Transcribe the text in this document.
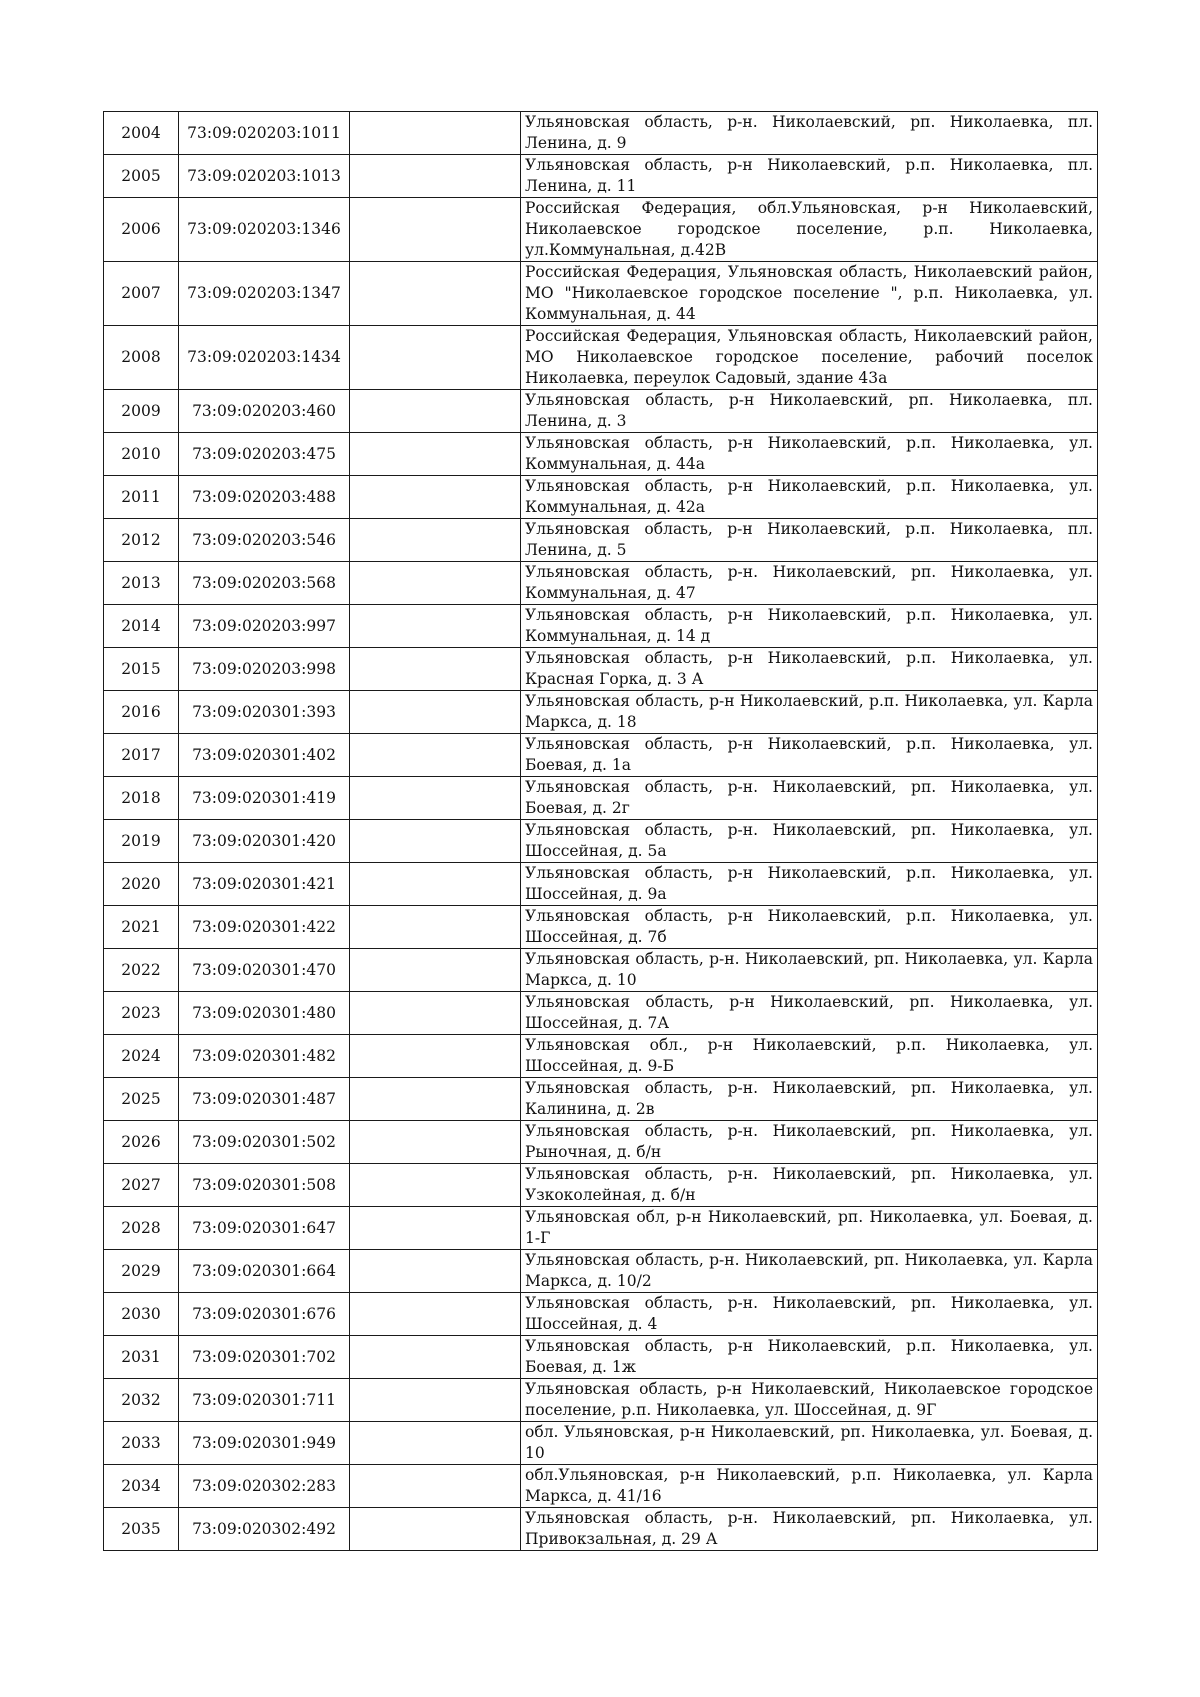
2004	73:09:020203:1011		Ульяновская область, р-н. Николаевский, рп. Николаевка, пл. Ленина, д. 9
2005	73:09:020203:1013		Ульяновская область, р-н Николаевский, р.п. Николаевка, пл. Ленина, д. 11
2006	73:09:020203:1346		Российская Федерация, обл.Ульяновская, р-н Николаевский, Николаевское городское поселение, р.п. Николаевка, ул.Коммунальная, д.42В
2007	73:09:020203:1347		Российская Федерация, Ульяновская область, Николаевский район, МО "Николаевское городское поселение ", р.п. Николаевка, ул. Коммунальная, д. 44
2008	73:09:020203:1434		Российская Федерация, Ульяновская область, Николаевский район, МО Николаевское городское поселение, рабочий поселок Николаевка, переулок Садовый, здание 43а
2009	73:09:020203:460		Ульяновская область, р-н Николаевский, рп. Николаевка, пл. Ленина, д. 3
2010	73:09:020203:475		Ульяновская область, р-н Николаевский, р.п. Николаевка, ул. Коммунальная, д. 44а
2011	73:09:020203:488		Ульяновская область, р-н Николаевский, р.п. Николаевка, ул. Коммунальная, д. 42а
2012	73:09:020203:546		Ульяновская область, р-н Николаевский, р.п. Николаевка, пл. Ленина, д. 5
2013	73:09:020203:568		Ульяновская область, р-н. Николаевский, рп. Николаевка, ул. Коммунальная, д. 47
2014	73:09:020203:997		Ульяновская область, р-н Николаевский, р.п. Николаевка, ул. Коммунальная, д. 14 д
2015	73:09:020203:998		Ульяновская область, р-н Николаевский, р.п. Николаевка, ул. Красная Горка, д. 3 А
2016	73:09:020301:393		Ульяновская область, р-н Николаевский, р.п. Николаевка, ул. Карла Маркса, д. 18
2017	73:09:020301:402		Ульяновская область, р-н Николаевский, р.п. Николаевка, ул. Боевая, д. 1а
2018	73:09:020301:419		Ульяновская область, р-н. Николаевский, рп. Николаевка, ул. Боевая, д. 2г
2019	73:09:020301:420		Ульяновская область, р-н. Николаевский, рп. Николаевка, ул. Шоссейная, д. 5а
2020	73:09:020301:421		Ульяновская область, р-н Николаевский, р.п. Николаевка, ул. Шоссейная, д. 9а
2021	73:09:020301:422		Ульяновская область, р-н Николаевский, р.п. Николаевка, ул. Шоссейная, д. 7б
2022	73:09:020301:470		Ульяновская область, р-н. Николаевский, рп. Николаевка, ул. Карла Маркса, д. 10
2023	73:09:020301:480		Ульяновская область, р-н Николаевский, рп. Николаевка, ул. Шоссейная, д. 7А
2024	73:09:020301:482		Ульяновская обл., р-н Николаевский, р.п. Николаевка, ул. Шоссейная, д. 9-Б
2025	73:09:020301:487		Ульяновская область, р-н. Николаевский, рп. Николаевка, ул. Калинина, д. 2в
2026	73:09:020301:502		Ульяновская область, р-н. Николаевский, рп. Николаевка, ул. Рыночная, д. б/н
2027	73:09:020301:508		Ульяновская область, р-н. Николаевский, рп. Николаевка, ул. Узкоколейная, д. б/н
2028	73:09:020301:647		Ульяновская обл, р-н Николаевский, рп. Николаевка, ул. Боевая, д. 1-Г
2029	73:09:020301:664		Ульяновская область, р-н. Николаевский, рп. Николаевка, ул. Карла Маркса, д. 10/2
2030	73:09:020301:676		Ульяновская область, р-н. Николаевский, рп. Николаевка, ул. Шоссейная, д. 4
2031	73:09:020301:702		Ульяновская область, р-н Николаевский, р.п. Николаевка, ул. Боевая, д. 1ж
2032	73:09:020301:711		Ульяновская область, р-н Николаевский, Николаевское городское поселение, р.п. Николаевка, ул. Шоссейная, д. 9Г
2033	73:09:020301:949		обл. Ульяновская, р-н Николаевский, рп. Николаевка, ул. Боевая, д. 10
2034	73:09:020302:283		обл.Ульяновская, р-н Николаевский, р.п. Николаевка, ул. Карла Маркса, д. 41/16
2035	73:09:020302:492		Ульяновская область, р-н. Николаевский, рп. Николаевка, ул. Привокзальная, д. 29 А
